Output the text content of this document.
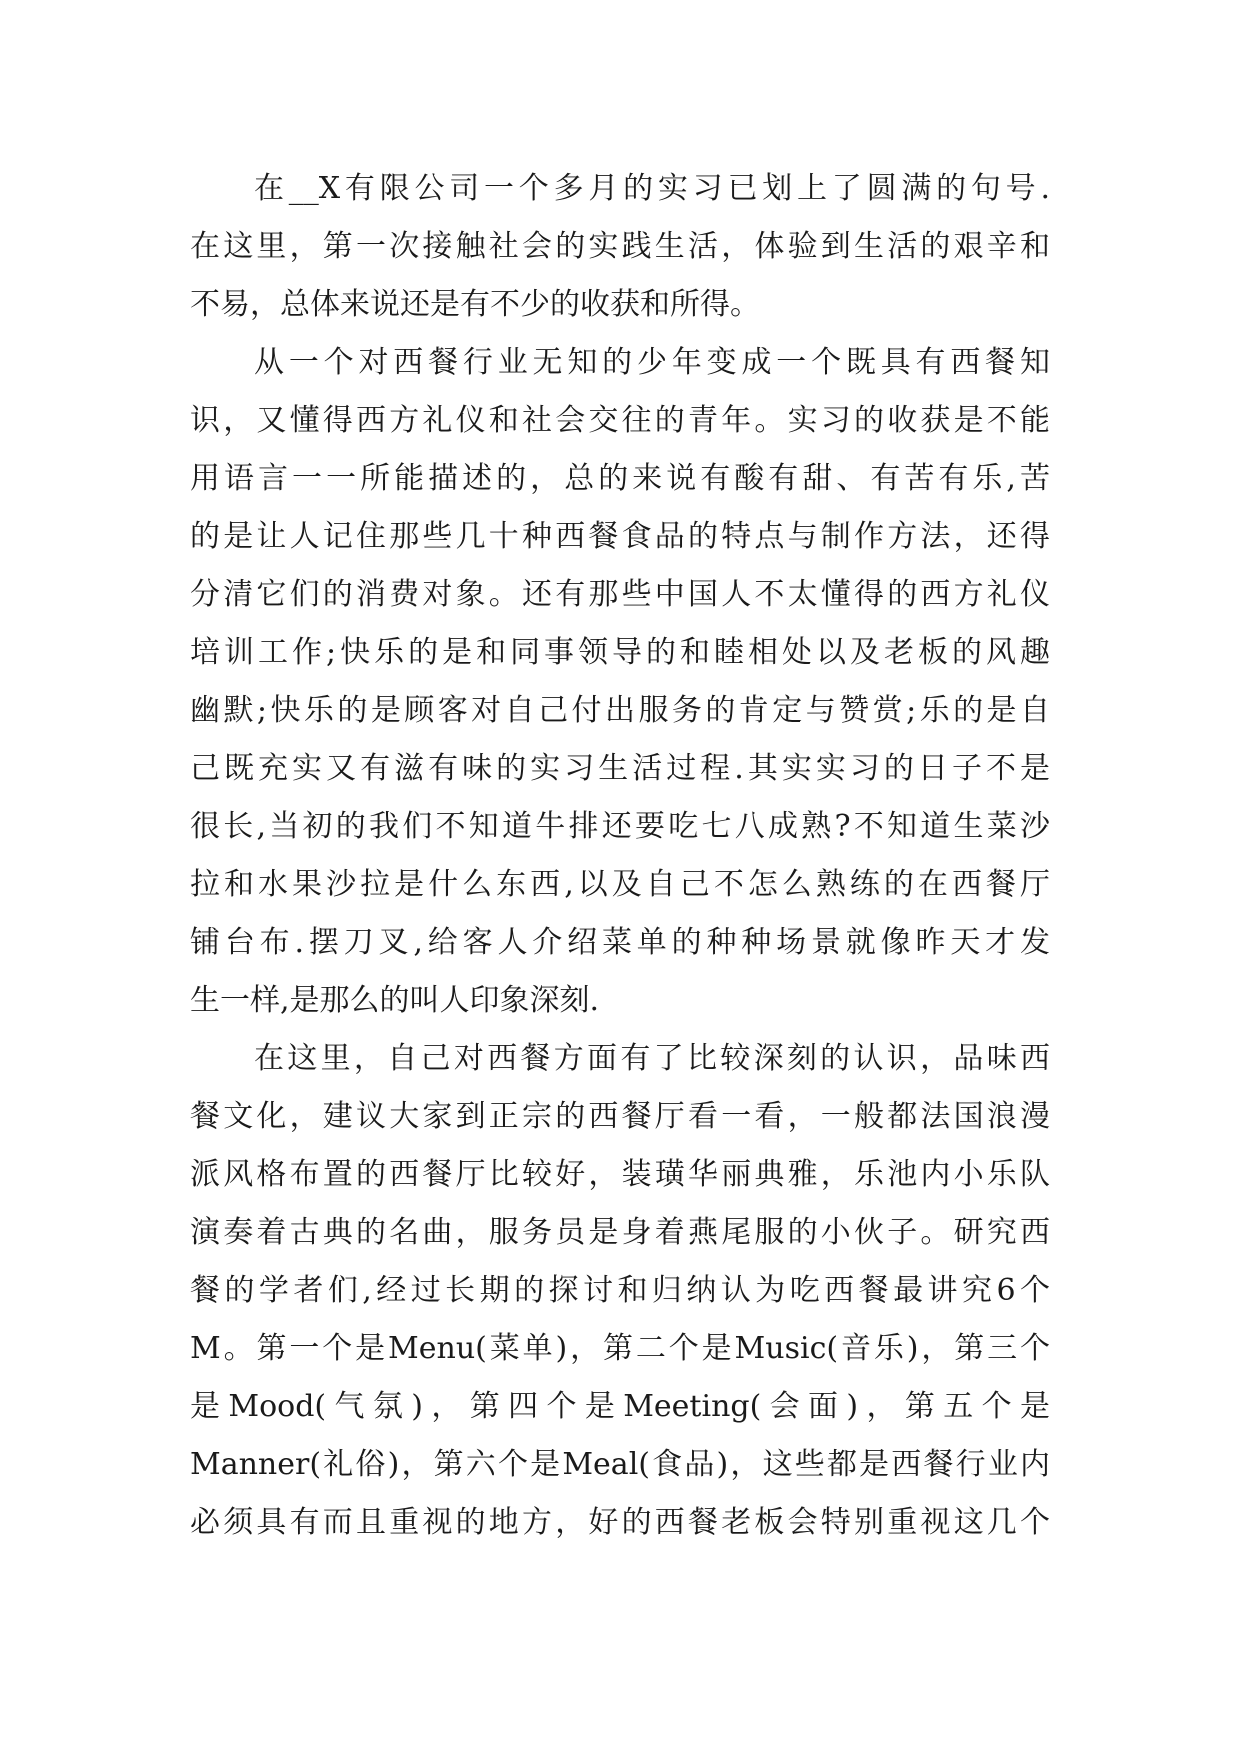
在__X有限公司一个多月的实习已划上了圆满的句号.
在这里，第一次接触社会的实践生活，体验到生活的艰辛和
不易，总体来说还是有不少的收获和所得。
从一个对西餐行业无知的少年变成一个既具有西餐知
识，又懂得西方礼仪和社会交往的青年。实习的收获是不能
用语言一一所能描述的，总的来说有酸有甜、有苦有乐,苦
的是让人记住那些几十种西餐食品的特点与制作方法，还得
分清它们的消费对象。还有那些中国人不太懂得的西方礼仪
培训工作;快乐的是和同事领导的和睦相处以及老板的风趣
幽默;快乐的是顾客对自己付出服务的肯定与赞赏;乐的是自
己既充实又有滋有味的实习生活过程.其实实习的日子不是
很长,当初的我们不知道牛排还要吃七八成熟?不知道生菜沙
拉和水果沙拉是什么东西,以及自己不怎么熟练的在西餐厅
铺台布.摆刀叉,给客人介绍菜单的种种场景就像昨天才发
生一样,是那么的叫人印象深刻.
在这里，自己对西餐方面有了比较深刻的认识，品味西
餐文化，建议大家到正宗的西餐厅看一看，一般都法国浪漫
派风格布置的西餐厅比较好，装璜华丽典雅，乐池内小乐队
演奏着古典的名曲，服务员是身着燕尾服的小伙子。研究西
餐的学者们,经过长期的探讨和归纳认为吃西餐最讲究6个
M。第一个是Menu(菜单)，第二个是Music(音乐)，第三个
是Mood(气氛)，第四个是Meeting(会面)，第五个是
Manner(礼俗)，第六个是Meal(食品)，这些都是西餐行业内
必须具有而且重视的地方，好的西餐老板会特别重视这几个
